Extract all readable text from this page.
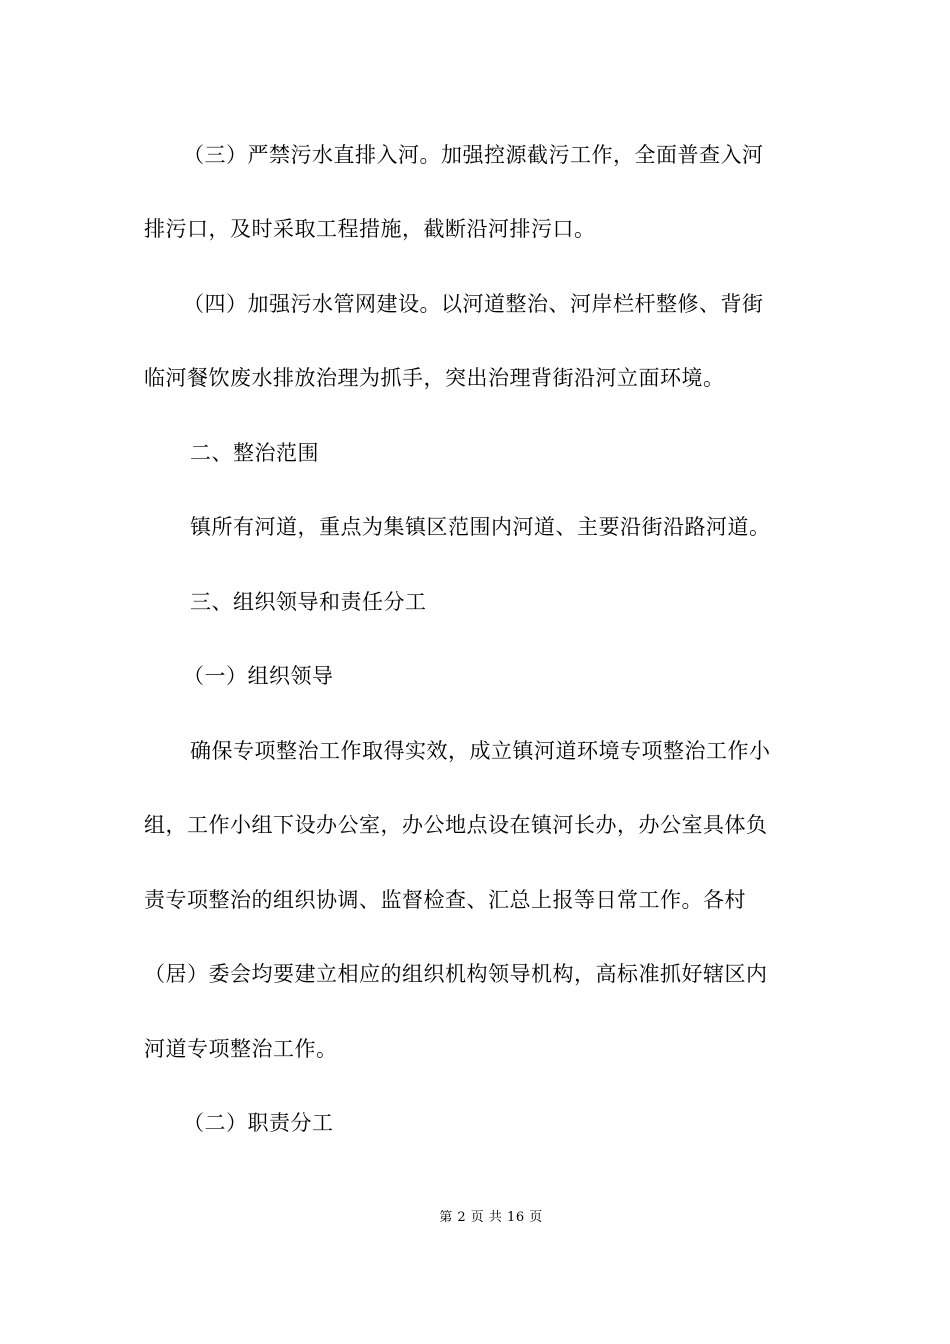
（三）严禁污水直排入河。加强控源截污工作，全面普查入河
排污口，及时采取工程措施，截断沿河排污口。
（四）加强污水管网建设。以河道整治、河岸栏杆整修、背街
临河餐饮废水排放治理为抓手，突出治理背街沿河立面环境。
二、整治范围
镇所有河道，重点为集镇区范围内河道、主要沿街沿路河道。
三、组织领导和责任分工
（一）组织领导
确保专项整治工作取得实效，成立镇河道环境专项整治工作小
组，工作小组下设办公室，办公地点设在镇河长办，办公室具体负
责专项整治的组织协调、监督检查、汇总上报等日常工作。各村
（居）委会均要建立相应的组织机构领导机构，高标准抓好辖区内
河道专项整治工作。
（二）职责分工
第 2 页 共 16 页
